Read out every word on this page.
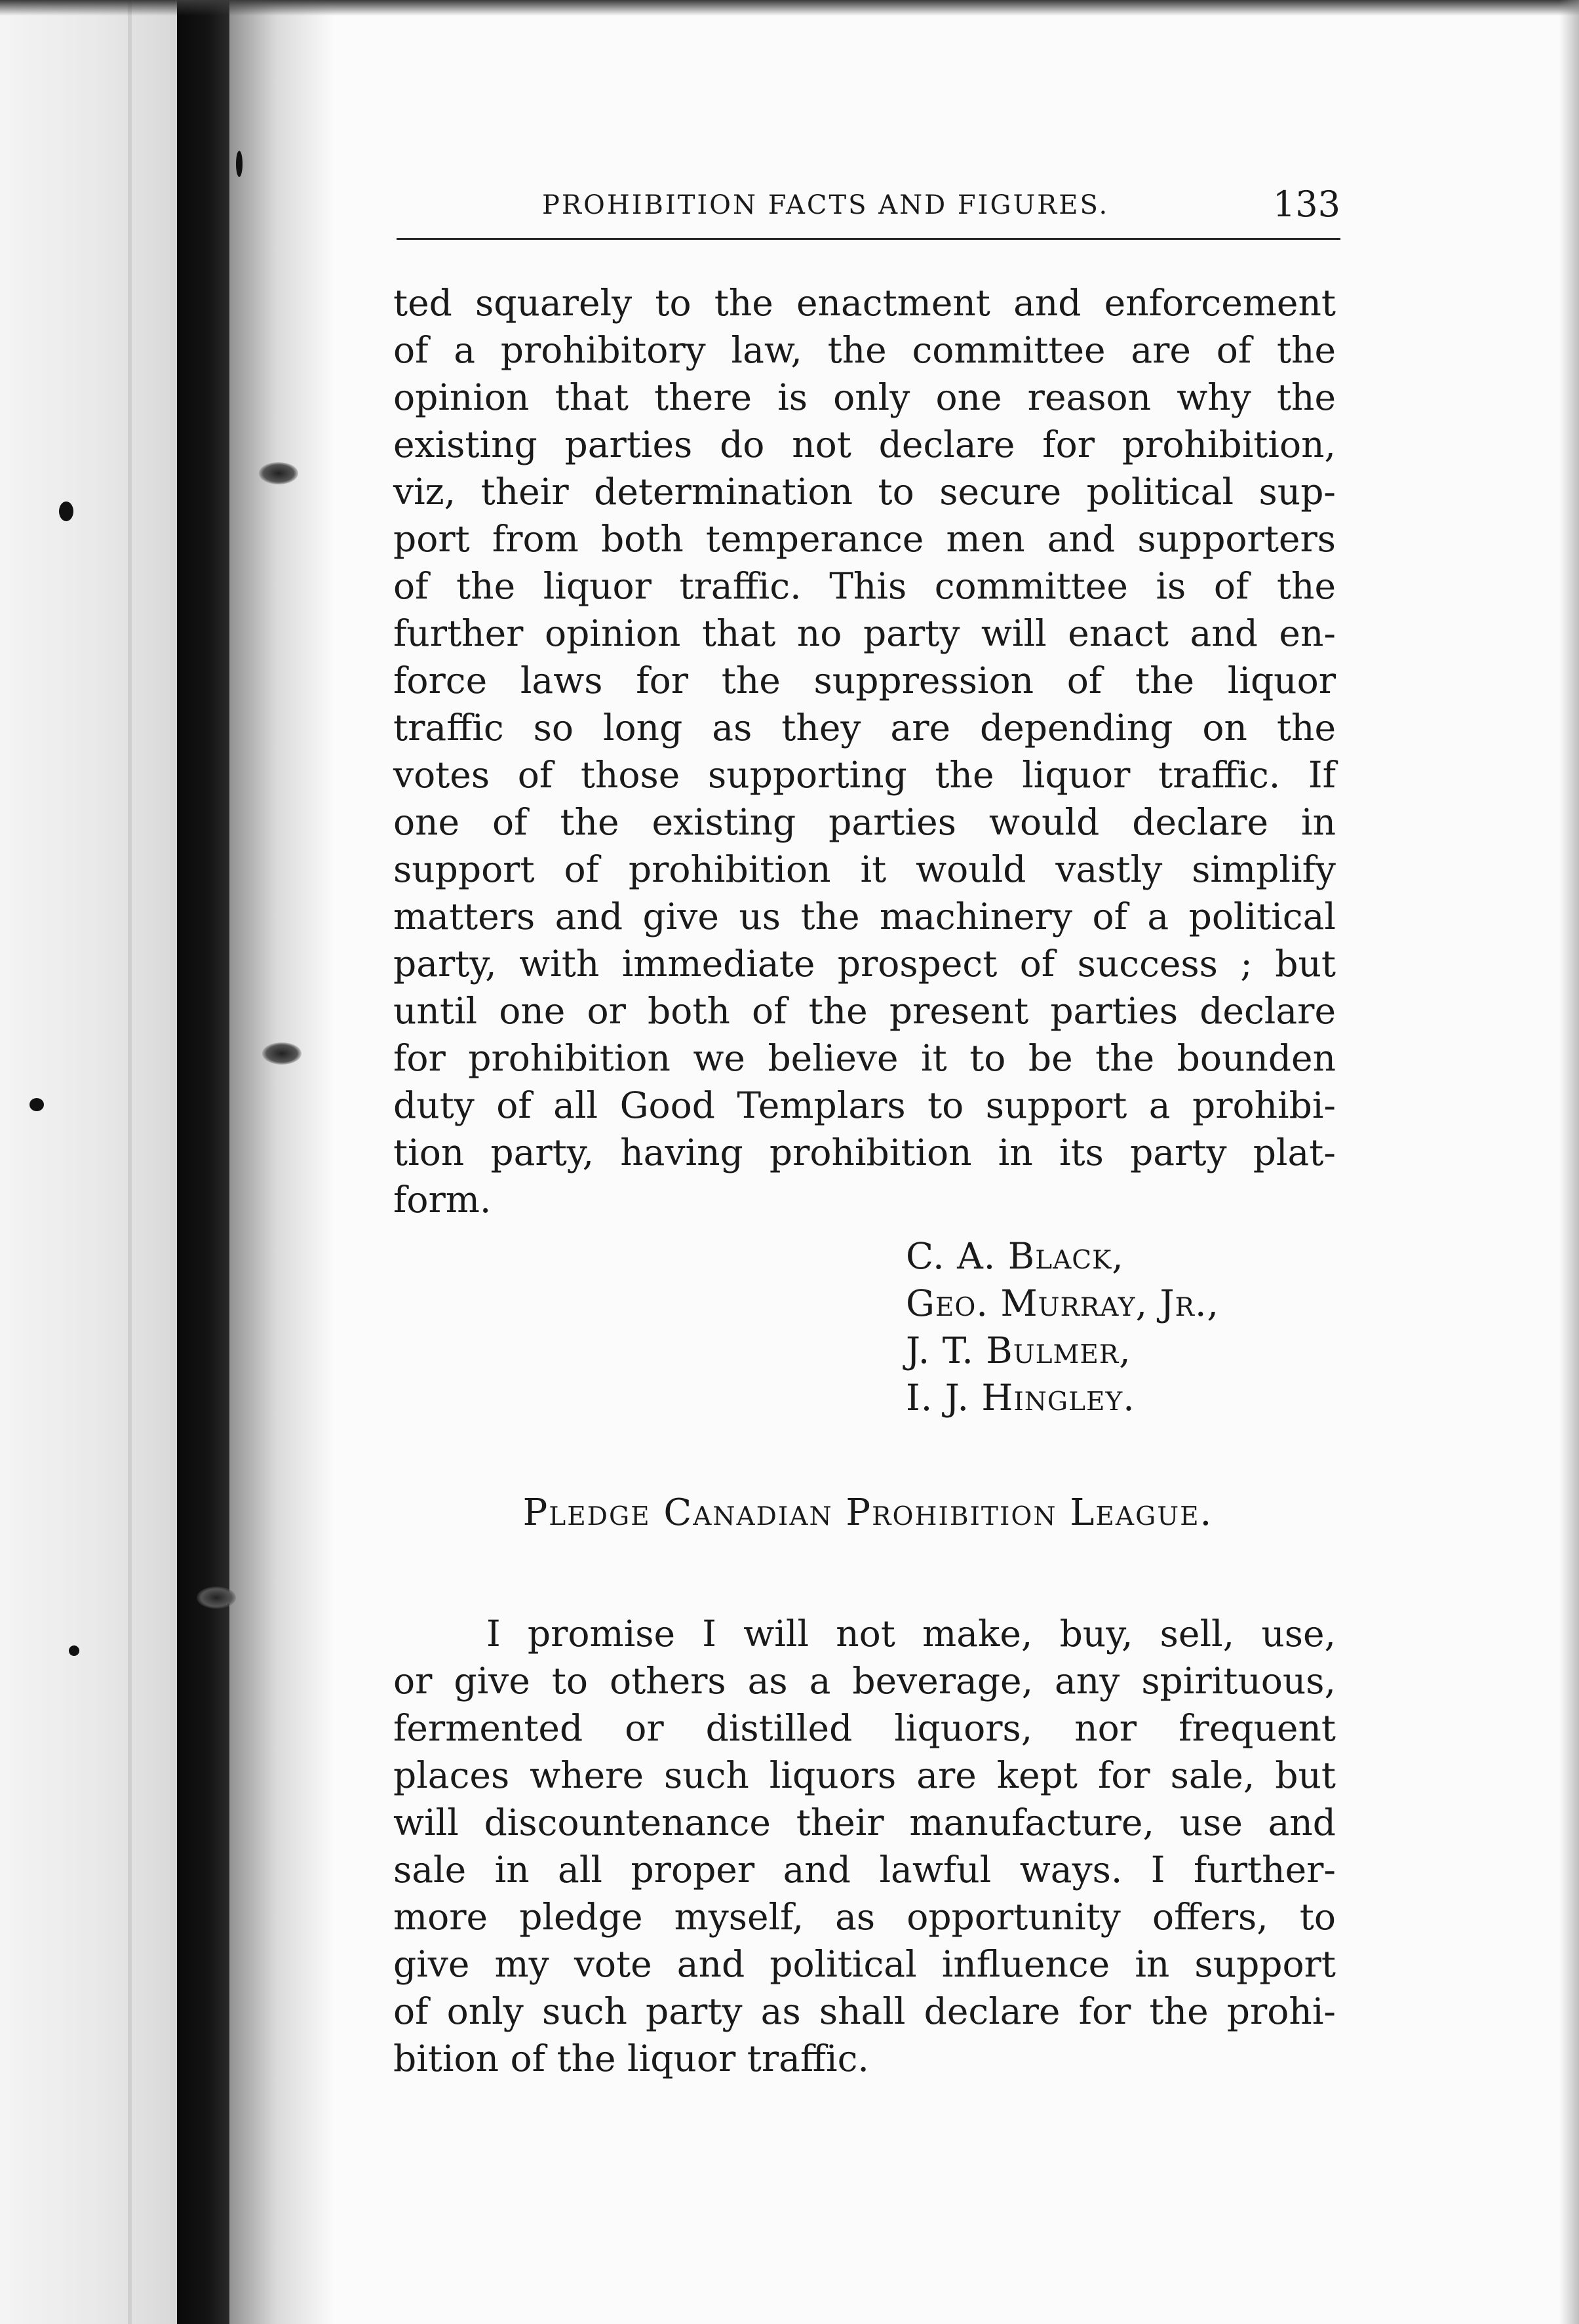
PROHIBITION FACTS AND FIGURES.	133
ted squarely to the enactment and enforcement
of a prohibitory law, the committee are of the
opinion that there is only one reason why the
existing parties do not declare for prohibition,
viz, their determination to secure political sup-
port from both temperance men and supporters
of the liquor traffic. This committee is of the
further opinion that no party will enact and en-
force laws for the suppression of the liquor
traffic so long as they are depending on the
votes of those supporting the liquor traffic. If
one of the existing parties would declare in
support of prohibition it would vastly simplify
matters and give us the machinery of a political
party, with immediate prospect of success ; but
until one or both of the present parties declare
for prohibition we believe it to be the bounden
duty of all Good Templars to support a prohibi-
tion party, having prohibition in its party plat-
form.
C. A. Black,
Geo. Murray, Jr.,
J. T. Bulmer,
I. J. Hingley.
Pledge Canadian Prohibition League.
I promise I will not make, buy, sell, use,
or give to others as a beverage, any spirituous,
fermented or distilled liquors, nor frequent
places where such liquors are kept for sale, but
will discountenance their manufacture, use and
sale in all proper and lawful ways. I further-
more pledge myself, as opportunity offers, to
give my vote and political influence in support
of only such party as shall declare for the prohi-
bition of the liquor traffic.
